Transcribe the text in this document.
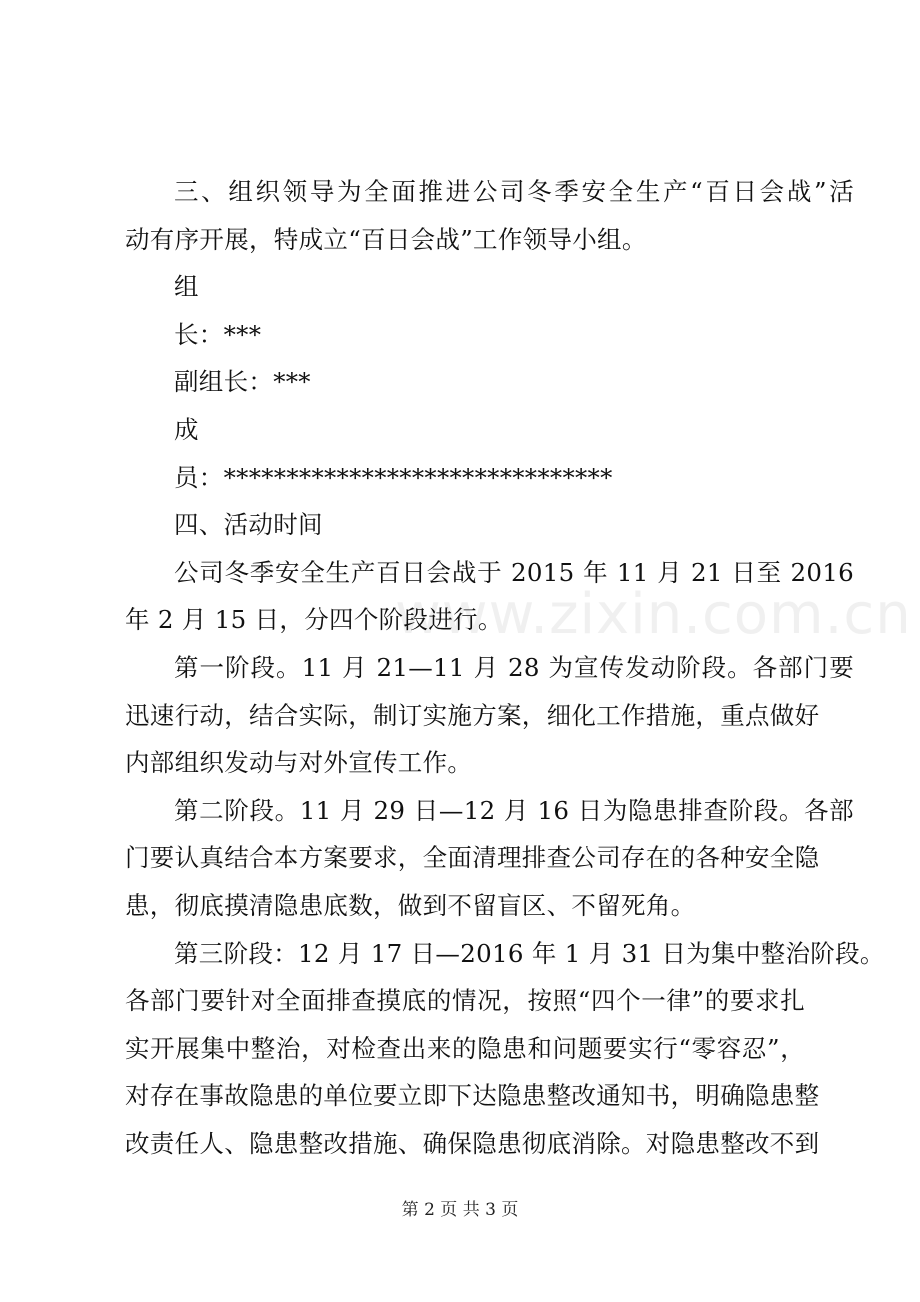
www.zixin.com.cn
三、组织领导为全面推进公司冬季安全生产“百日会战”活
动有序开展，特成立“百日会战”工作领导小组。
组
长：***
副组长：***
成
员：*******************************
四、活动时间
公司冬季安全生产百日会战于 2015 年 11 月 21 日至 2016
年 2 月 15 日，分四个阶段进行。
第一阶段。11 月 21—11 月 28 为宣传发动阶段。各部门要
迅速行动，结合实际，制订实施方案，细化工作措施，重点做好
内部组织发动与对外宣传工作。
第二阶段。11 月 29 日—12 月 16 日为隐患排查阶段。各部
门要认真结合本方案要求，全面清理排查公司存在的各种安全隐
患，彻底摸清隐患底数，做到不留盲区、不留死角。
第三阶段：12 月 17 日—2016 年 1 月 31 日为集中整治阶段。
各部门要针对全面排查摸底的情况，按照“四个一律”的要求扎
实开展集中整治，对检查出来的隐患和问题要实行“零容忍”，
对存在事故隐患的单位要立即下达隐患整改通知书，明确隐患整
改责任人、隐患整改措施、确保隐患彻底消除。对隐患整改不到
第 2 页 共 3 页
